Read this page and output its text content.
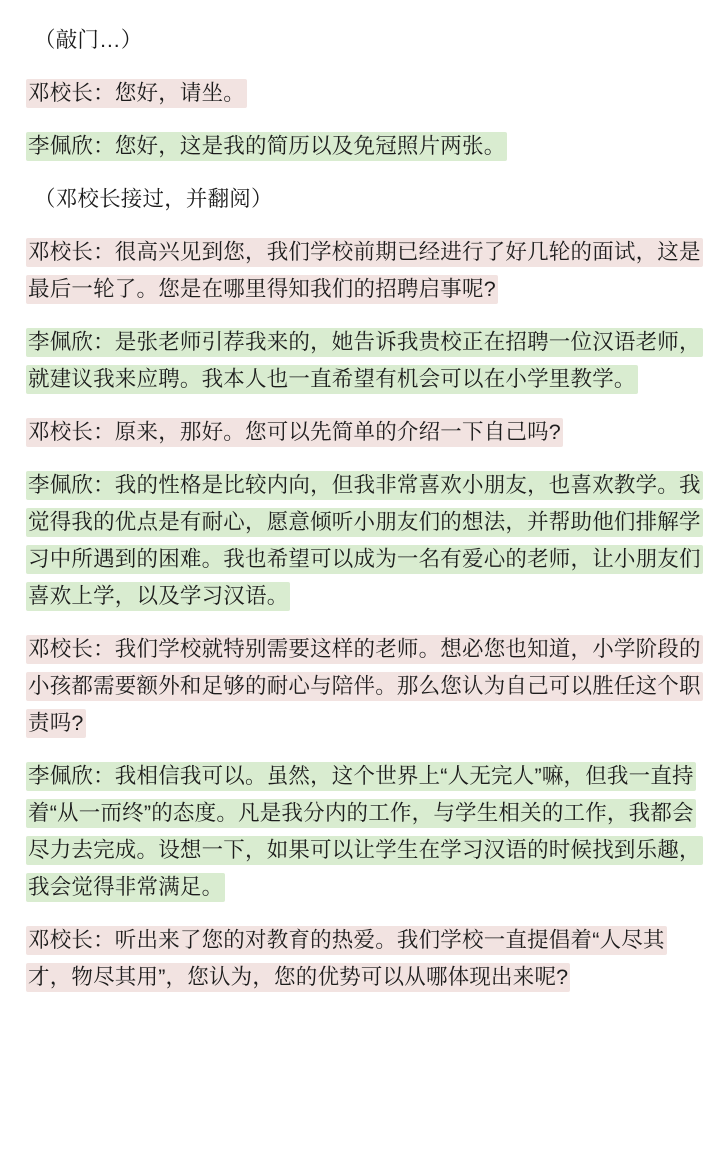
（敲门…）

邓校长：您好，请坐。

李佩欣：您好，这是我的简历以及免冠照片两张。

（邓校长接过，并翻阅）

邓校长：很高兴见到您，我们学校前期已经进行了好几轮的面试，这是最后一轮了。您是在哪里得知我们的招聘启事呢?

李佩欣：是张老师引荐我来的，她告诉我贵校正在招聘一位汉语老师，就建议我来应聘。我本人也一直希望有机会可以在小学里教学。

邓校长：原来，那好。您可以先简单的介绍一下自己吗?

李佩欣：我的性格是比较内向，但我非常喜欢小朋友，也喜欢教学。我觉得我的优点是有耐心，愿意倾听小朋友们的想法，并帮助他们排解学习中所遇到的困难。我也希望可以成为一名有爱心的老师，让小朋友们喜欢上学，以及学习汉语。

邓校长：我们学校就特别需要这样的老师。想必您也知道，小学阶段的小孩都需要额外和足够的耐心与陪伴。那么您认为自己可以胜任这个职责吗?

李佩欣：我相信我可以。虽然，这个世界上“人无完人”嘛，但我一直持着“从一而终”的态度。凡是我分内的工作，与学生相关的工作，我都会尽力去完成。设想一下，如果可以让学生在学习汉语的时候找到乐趣，我会觉得非常满足。

邓校长：听出来了您的对教育的热爱。我们学校一直提倡着“人尽其才，物尽其用”，您认为，您的优势可以从哪体现出来呢?
